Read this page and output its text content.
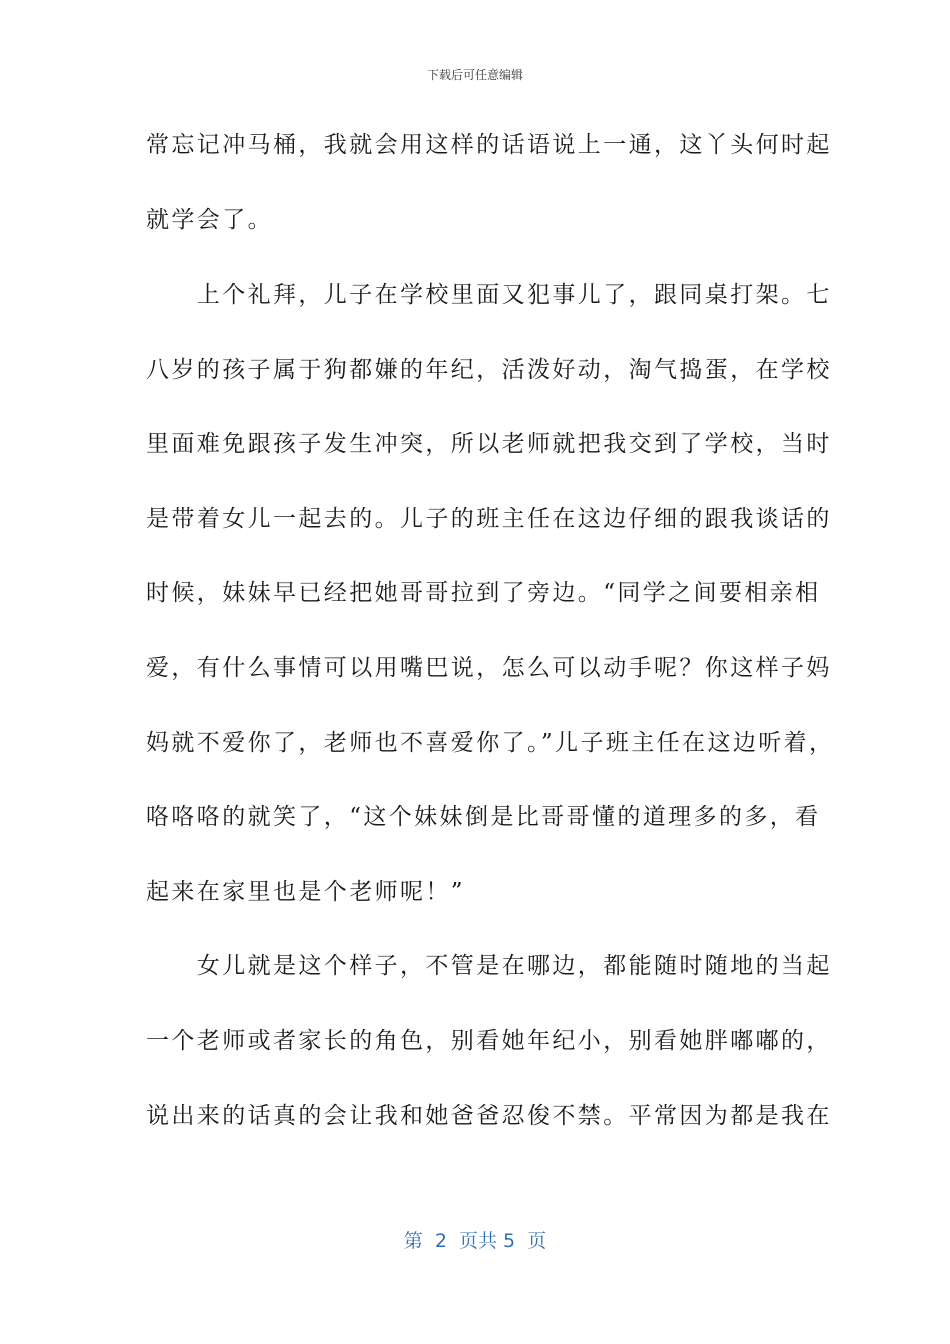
下载后可任意编辑
常忘记冲马桶，我就会用这样的话语说上一通，这丫头何时起
就学会了。
　　上个礼拜，儿子在学校里面又犯事儿了，跟同桌打架。七
八岁的孩子属于狗都嫌的年纪，活泼好动，淘气捣蛋，在学校
里面难免跟孩子发生冲突，所以老师就把我交到了学校，当时
是带着女儿一起去的。儿子的班主任在这边仔细的跟我谈话的
时候，妹妹早已经把她哥哥拉到了旁边。“同学之间要相亲相
爱，有什么事情可以用嘴巴说，怎么可以动手呢？你这样子妈
妈就不爱你了，老师也不喜爱你了。”儿子班主任在这边听着，
咯咯咯的就笑了，“这个妹妹倒是比哥哥懂的道理多的多，看
起来在家里也是个老师呢！”
　　女儿就是这个样子，不管是在哪边，都能随时随地的当起
一个老师或者家长的角色，别看她年纪小，别看她胖嘟嘟的，
说出来的话真的会让我和她爸爸忍俊不禁。平常因为都是我在
第  2  页共 5  页
